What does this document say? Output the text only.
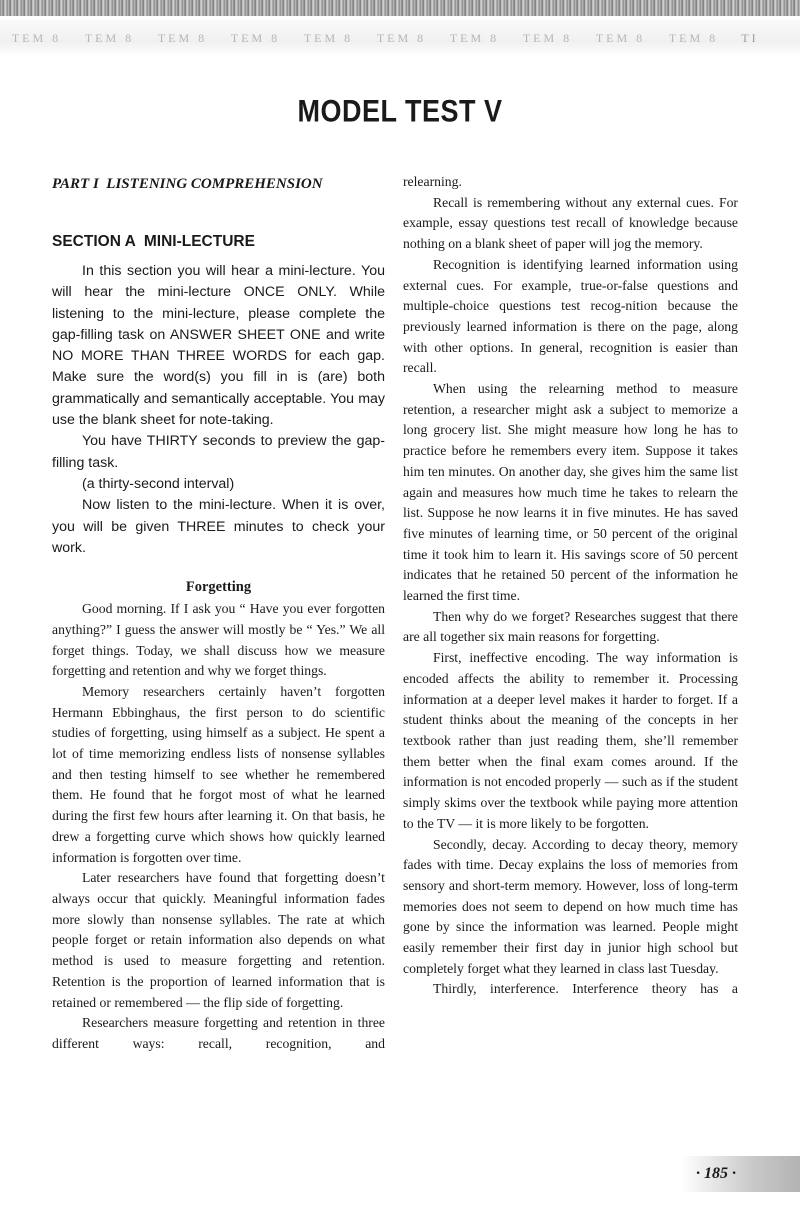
TEM 8	TEM 8	TEM 8	TEM 8	TEM 8	TEM 8	TEM 8	TEM 8	TEM 8	TEM 8	TI
MODEL TEST V

PART I  LISTENING COMPREHENSION

SECTION A  MINI-LECTURE

In this section you will hear a mini-lecture. You will hear the mini-lecture ONCE ONLY. While listening to the mini-lecture, please complete the gap-filling task on ANSWER SHEET ONE and write NO MORE THAN THREE WORDS for each gap. Make sure the word(s) you fill in is (are) both grammatically and semantically acceptable. You may use the blank sheet for note-taking.

You have THIRTY seconds to preview the gap-filling task.

(a thirty-second interval)

Now listen to the mini-lecture. When it is over, you will be given THREE minutes to check your work.

Forgetting

Good morning. If I ask you “ Have you ever forgotten anything?” I guess the answer will mostly be “ Yes.” We all forget things. Today, we shall discuss how we measure forgetting and retention and why we forget things.

Memory researchers certainly haven’t forgotten Hermann Ebbinghaus, the first person to do scientific studies of forgetting, using himself as a subject. He spent a lot of time memorizing endless lists of nonsense syllables and then testing himself to see whether he remembered them. He found that he forgot most of what he learned during the first few hours after learning it. On that basis, he drew a forgetting curve which shows how quickly learned information is forgotten over time.

Later researchers have found that forgetting doesn’t always occur that quickly. Meaningful information fades more slowly than nonsense syllables. The rate at which people forget or retain information also depends on what method is used to measure forgetting and retention. Retention is the proportion of learned information that is retained or remembered — the flip side of forgetting.

Researchers measure forgetting and retention in three different ways: recall, recognition, and

relearning.

Recall is remembering without any external cues. For example, essay questions test recall of knowledge because nothing on a blank sheet of paper will jog the memory.

Recognition is identifying learned information using external cues. For example, true-or-false questions and multiple-choice questions test recog-nition because the previously learned information is there on the page, along with other options. In general, recognition is easier than recall.

When using the relearning method to measure retention, a researcher might ask a subject to memorize a long grocery list. She might measure how long he has to practice before he remembers every item. Suppose it takes him ten minutes. On another day, she gives him the same list again and measures how much time he takes to relearn the list. Suppose he now learns it in five minutes. He has saved five minutes of learning time, or 50 percent of the original time it took him to learn it. His savings score of 50 percent indicates that he retained 50 percent of the information he learned the first time.

Then why do we forget? Researches suggest that there are all together six main reasons for forgetting.

First, ineffective encoding. The way information is encoded affects the ability to remember it. Processing information at a deeper level makes it harder to forget. If a student thinks about the meaning of the concepts in her textbook rather than just reading them, she’ll remember them better when the final exam comes around. If the information is not encoded properly — such as if the student simply skims over the textbook while paying more attention to the TV — it is more likely to be forgotten.

Secondly, decay. According to decay theory, memory fades with time. Decay explains the loss of memories from sensory and short-term memory. However, loss of long-term memories does not seem to depend on how much time has gone by since the information was learned. People might easily remember their first day in junior high school but completely forget what they learned in class last Tuesday.

Thirdly, interference. Interference theory has a

· 185 ·
